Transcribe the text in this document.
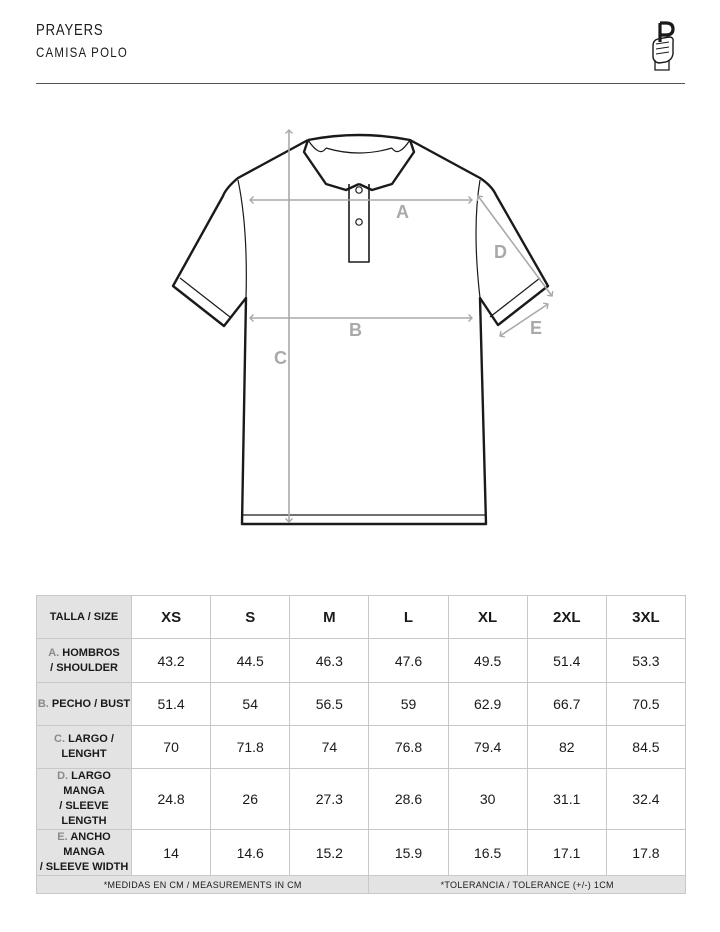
PRAYERS
CAMISA POLO
A
B
C
D
E
TALLA / SIZE	XS	S	M	L	XL	2XL	3XL
A. HOMBROS
/ SHOULDER	43.2	44.5	46.3	47.6	49.5	51.4	53.3
B. PECHO / BUST	51.4	54	56.5	59	62.9	66.7	70.5
C. LARGO / LENGHT	70	71.8	74	76.8	79.4	82	84.5
D. LARGO MANGA
/ SLEEVE LENGTH	24.8	26	27.3	28.6	30	31.1	32.4
E. ANCHO MANGA
/ SLEEVE WIDTH	14	14.6	15.2	15.9	16.5	17.1	17.8
*MEDIDAS EN CM / MEASUREMENTS IN CM				*TOLERANCIA / TOLERANCE (+/-) 1CM			
